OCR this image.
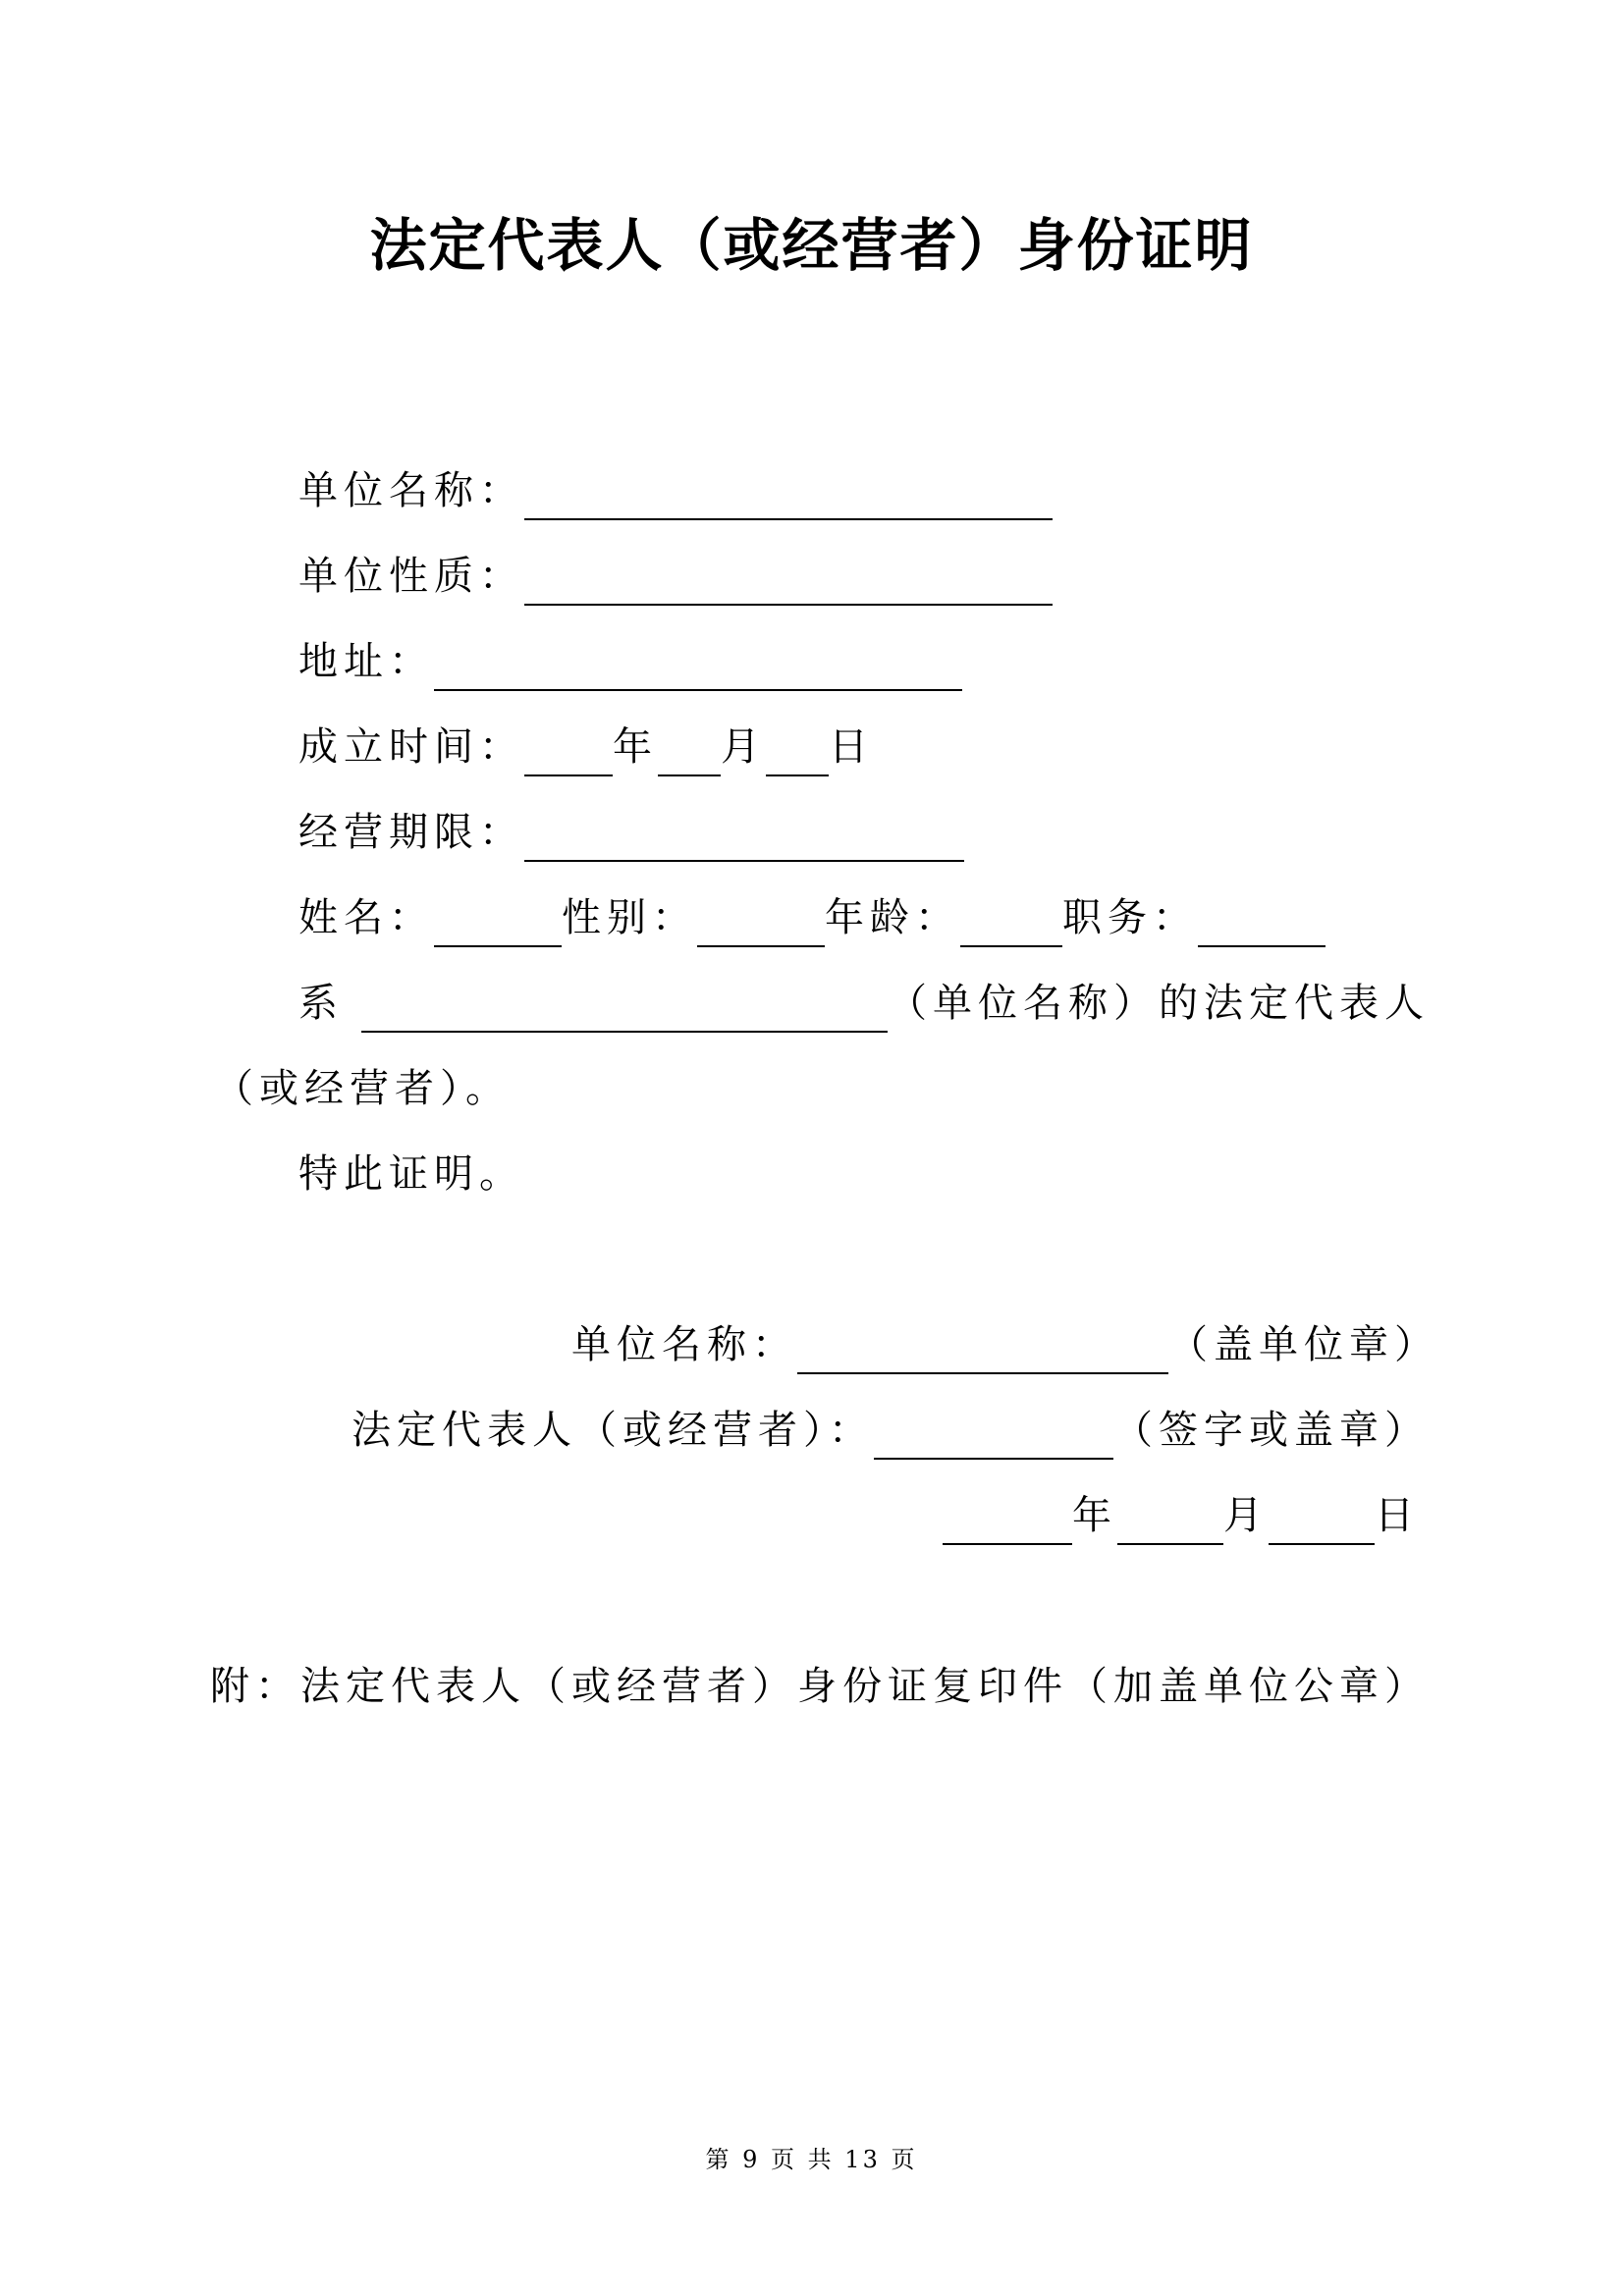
法定代表人（或经营者）身份证明
单位名称：
单位性质：
地址：
成立时间： 年 月 日
经营期限：
姓名：	性别：	年龄：	职务：
系	（单位名称）的法定代表人
（或经营者）。
特此证明。
单位名称：	（盖单位章）
法定代表人（或经营者）：	（签字或盖章）
年	月	日
附：法定代表人（或经营者）身份证复印件（加盖单位公章）
第 9 页 共 13 页
